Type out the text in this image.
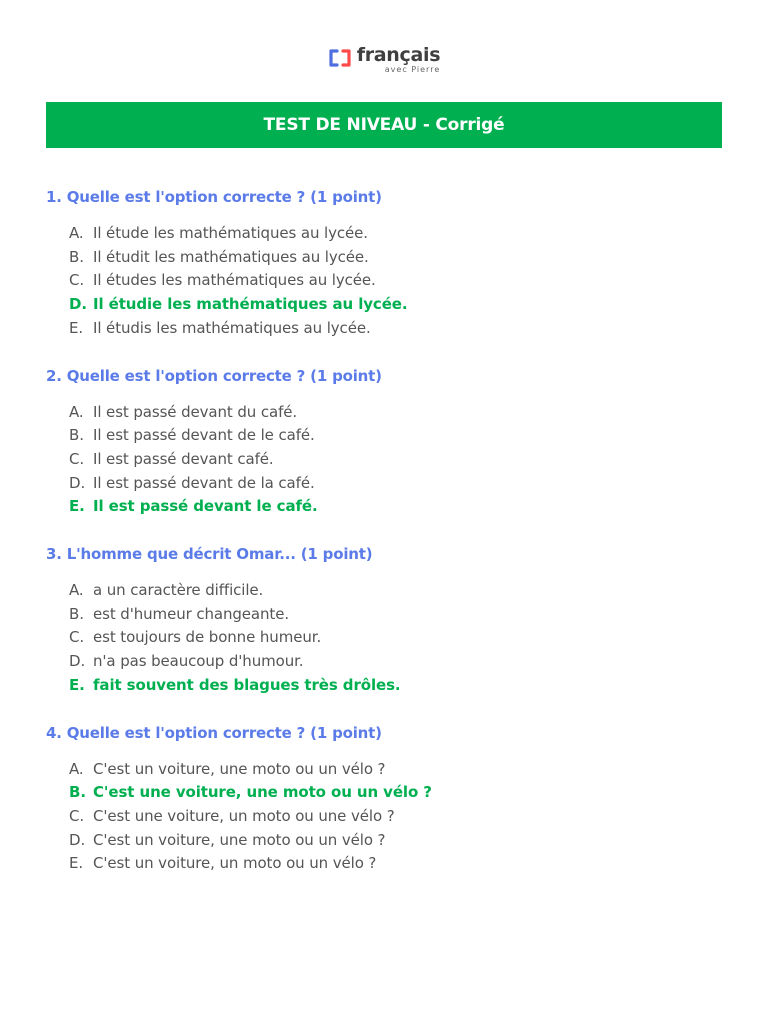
français
avec Pierre
TEST DE NIVEAU - Corrigé
1. Quelle est l'option correcte ? (1 point)
A. Il étude les mathématiques au lycée.
B. Il étudit les mathématiques au lycée.
C. Il études les mathématiques au lycée.
D. Il étudie les mathématiques au lycée.
E. Il étudis les mathématiques au lycée.
2. Quelle est l'option correcte ? (1 point)
A. Il est passé devant du café.
B. Il est passé devant de le café.
C. Il est passé devant café.
D. Il est passé devant de la café.
E. Il est passé devant le café.
3. L'homme que décrit Omar... (1 point)
A. a un caractère difficile.
B. est d'humeur changeante.
C. est toujours de bonne humeur.
D. n'a pas beaucoup d'humour.
E. fait souvent des blagues très drôles.
4. Quelle est l'option correcte ? (1 point)
A. C'est un voiture, une moto ou un vélo ?
B. C'est une voiture, une moto ou un vélo ?
C. C'est une voiture, un moto ou une vélo ?
D. C'est un voiture, une moto ou un vélo ?
E. C'est un voiture, un moto ou un vélo ?
